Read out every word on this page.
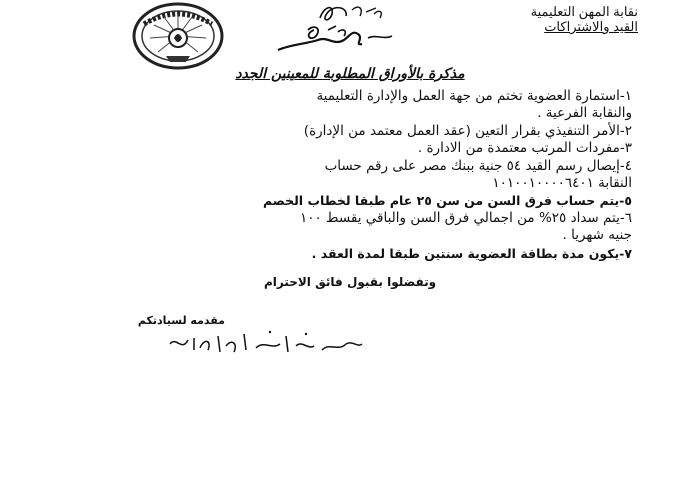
نقابة المهن التعليمية
القيد والاشتراكات
مذكرة بالأوراق المطلوبة للمعينين الجدد
١-استمارة العضوية تختم من جهة العمل والإدارة التعليمية
والنقابة الفرعية .
٢-الأمر التنفيذي بقرار التعين (عقد العمل معتمد من الإدارة)
٣-مفردات المرتب معتمدة من الادارة .
٤-إيصال رسم القيد ٥٤ جنية ببنك مصر على رقم حساب
النقابة ١٠١٠٠١٠٠٠٠٦٤٠١
٥-يتم حساب فرق السن من سن ٢٥ عام طبقا لخطاب الخصم
٦-يتم سداد ٢٥% من اجمالي فرق السن والباقي يقسط ١٠٠
جنيه شهريا .
٧-يكون مدة بطاقة العضوية سنتين طبقا لمدة العقد .
وتفضلوا بقبول فائق الاحترام
مقدمه لسيادتكم
